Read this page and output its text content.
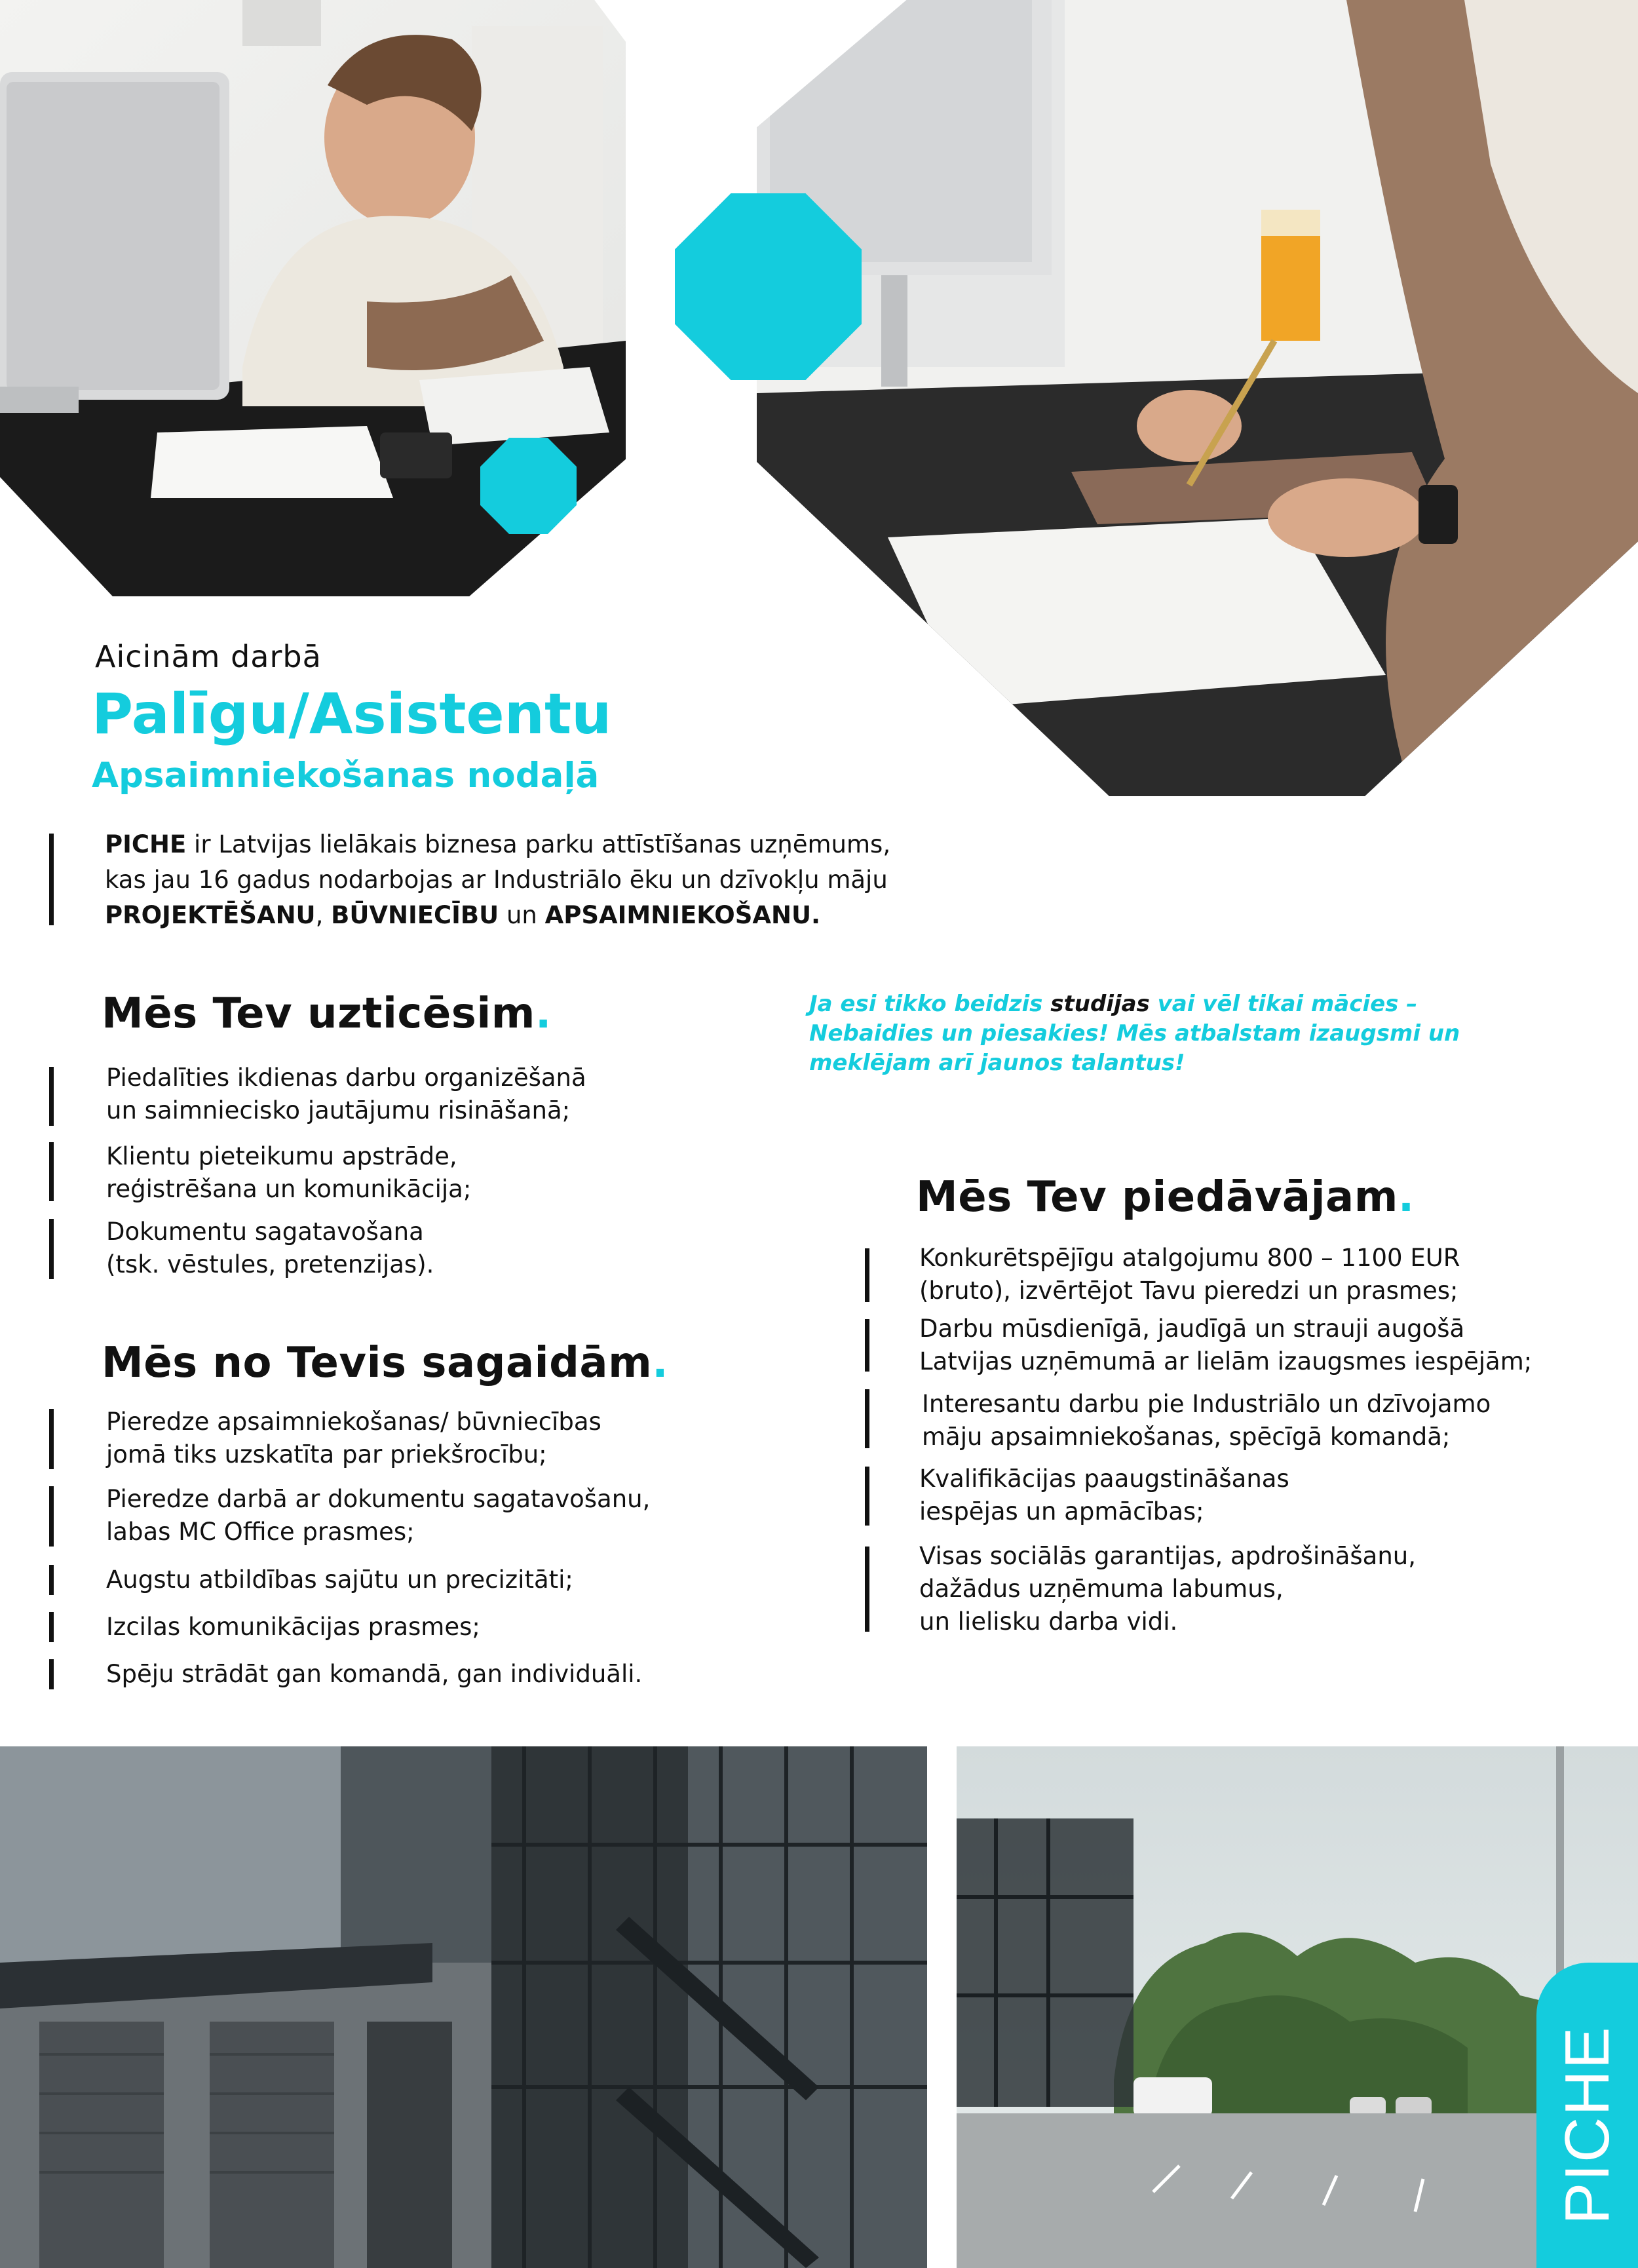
Aicinām darbā
Palīgu/Asistentu
Apsaimniekošanas nodaļā
PICHE ir Latvijas lielākais biznesa parku attīstīšanas uzņēmums,
kas jau 16 gadus nodarbojas ar Industriālo ēku un dzīvokļu māju
PROJEKTĒŠANU, BŪVNIECĪBU un APSAIMNIEKOŠANU.
Ja esi tikko beidzis studijas vai vēl tikai mācies –
Nebaidies un piesakies! Mēs atbalstam izaugsmi un
meklējam arī jaunos talantus!
Mēs Tev uzticēsim.
Piedalīties ikdienas darbu organizēšanā
un saimniecisko jautājumu risināšanā;
Klientu pieteikumu apstrāde,
reģistrēšana un komunikācija;
Dokumentu sagatavošana
(tsk. vēstules, pretenzijas).
Mēs no Tevis sagaidām.
Pieredze apsaimniekošanas/ būvniecības
jomā tiks uzskatīta par priekšrocību;
Pieredze darbā ar dokumentu sagatavošanu,
labas MC Office prasmes;
Augstu atbildības sajūtu un precizitāti;
Izcilas komunikācijas prasmes;
Spēju strādāt gan komandā, gan individuāli.
Mēs Tev piedāvājam.
Konkurētspējīgu atalgojumu 800 – 1100 EUR
(bruto), izvērtējot Tavu pieredzi un prasmes;
Darbu mūsdienīgā, jaudīgā un strauji augošā
Latvijas uzņēmumā ar lielām izaugsmes iespējām;
Interesantu darbu pie Industriālo un dzīvojamo
māju apsaimniekošanas, spēcīgā komandā;
Kvalifikācijas paaugstināšanas
iespējas un apmācības;
Visas sociālās garantijas, apdrošināšanu,
dažādus uzņēmuma labumus,
un lielisku darba vidi.
PICHE
